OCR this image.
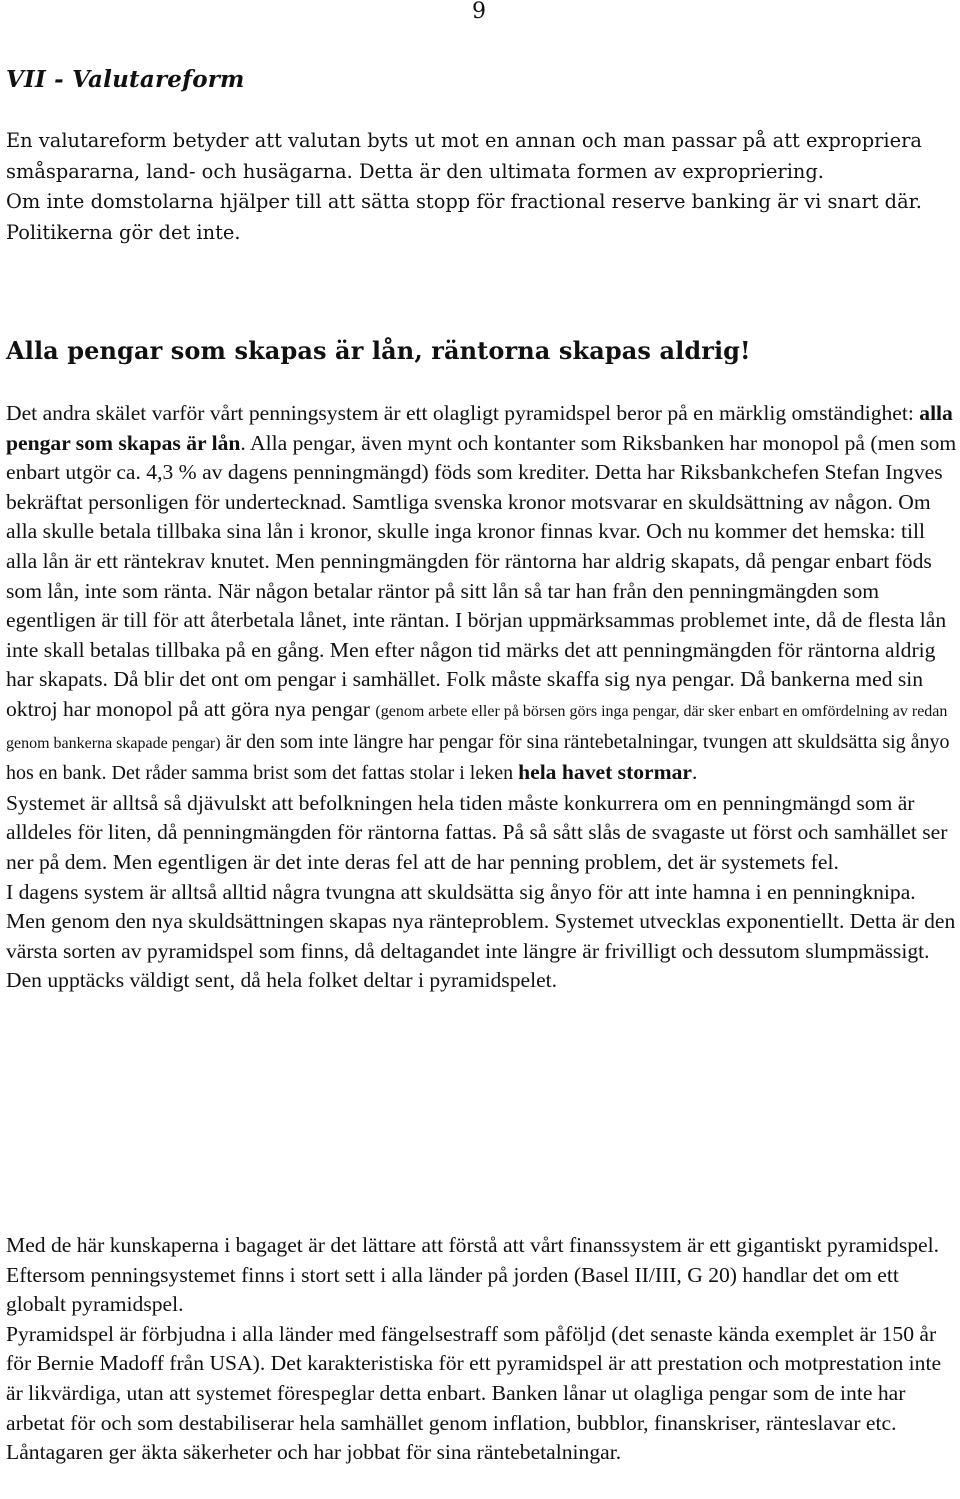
9
VII - Valutareform

En valutareform betyder att valutan byts ut mot en annan och man passar på att expropriera småspararna, land- och husägarna. Detta är den ultimata formen av expropriering.

Om inte domstolarna hjälper till att sätta stopp för fractional reserve banking är vi snart där. Politikerna gör det inte.

Alla pengar som skapas är lån, räntorna skapas aldrig!

Det andra skälet varför vårt penningsystem är ett olagligt pyramidspel beror på en märklig omständighet: alla pengar som skapas är lån. Alla pengar, även mynt och kontanter som Riksbanken har monopol på (men som enbart utgör ca. 4,3 % av dagens penningmängd) föds som krediter. Detta har Riksbankchefen Stefan Ingves bekräftat personligen för undertecknad. Samtliga svenska kronor motsvarar en skuldsättning av någon. Om alla skulle betala tillbaka sina lån i kronor, skulle inga kronor finnas kvar. Och nu kommer det hemska: till alla lån är ett räntekrav knutet. Men penningmängden för räntorna har aldrig skapats, då pengar enbart föds som lån, inte som ränta. När någon betalar räntor på sitt lån så tar han från den penningmängden som egentligen är till för att återbetala lånet, inte räntan. I början uppmärksammas problemet inte, då de flesta lån inte skall betalas tillbaka på en gång. Men efter någon tid märks det att penningmängden för räntorna aldrig har skapats. Då blir det ont om pengar i samhället. Folk måste skaffa sig nya pengar. Då bankerna med sin oktroj har monopol på att göra nya pengar (genom arbete eller på börsen görs inga pengar, där sker enbart en omfördelning av redan genom bankerna skapade pengar) är den som inte längre har pengar för sina räntebetalningar, tvungen att skuldsätta sig ånyo hos en bank. Det råder samma brist som det fattas stolar i leken hela havet stormar.

Systemet är alltså så djävulskt att befolkningen hela tiden måste konkurrera om en penningmängd som är alldeles för liten, då penningmängden för räntorna fattas. På så sått slås de svagaste ut först och samhället ser ner på dem. Men egentligen är det inte deras fel att de har penning problem, det är systemets fel.

I dagens system är alltså alltid några tvungna att skuldsätta sig ånyo för att inte hamna i en penningknipa. Men genom den nya skuldsättningen skapas nya ränteproblem. Systemet utvecklas exponentiellt. Detta är den värsta sorten av pyramidspel som finns, då deltagandet inte längre är frivilligt och dessutom slumpmässigt. Den upptäcks väldigt sent, då hela folket deltar i pyramidspelet.

Med de här kunskaperna i bagaget är det lättare att förstå att vårt finanssystem är ett gigantiskt pyramidspel. Eftersom penningsystemet finns i stort sett i alla länder på jorden (Basel II/III, G 20) handlar det om ett globalt pyramidspel.

Pyramidspel är förbjudna i alla länder med fängelsestraff som påföljd (det senaste kända exemplet är 150 år för Bernie Madoff från USA). Det karakteristiska för ett pyramidspel är att prestation och motprestation inte är likvärdiga, utan att systemet förespeglar detta enbart. Banken lånar ut olagliga pengar som de inte har arbetat för och som destabiliserar hela samhället genom inflation, bubblor, finanskriser, ränteslavar etc. Låntagaren ger äkta säkerheter och har jobbat för sina räntebetalningar.
